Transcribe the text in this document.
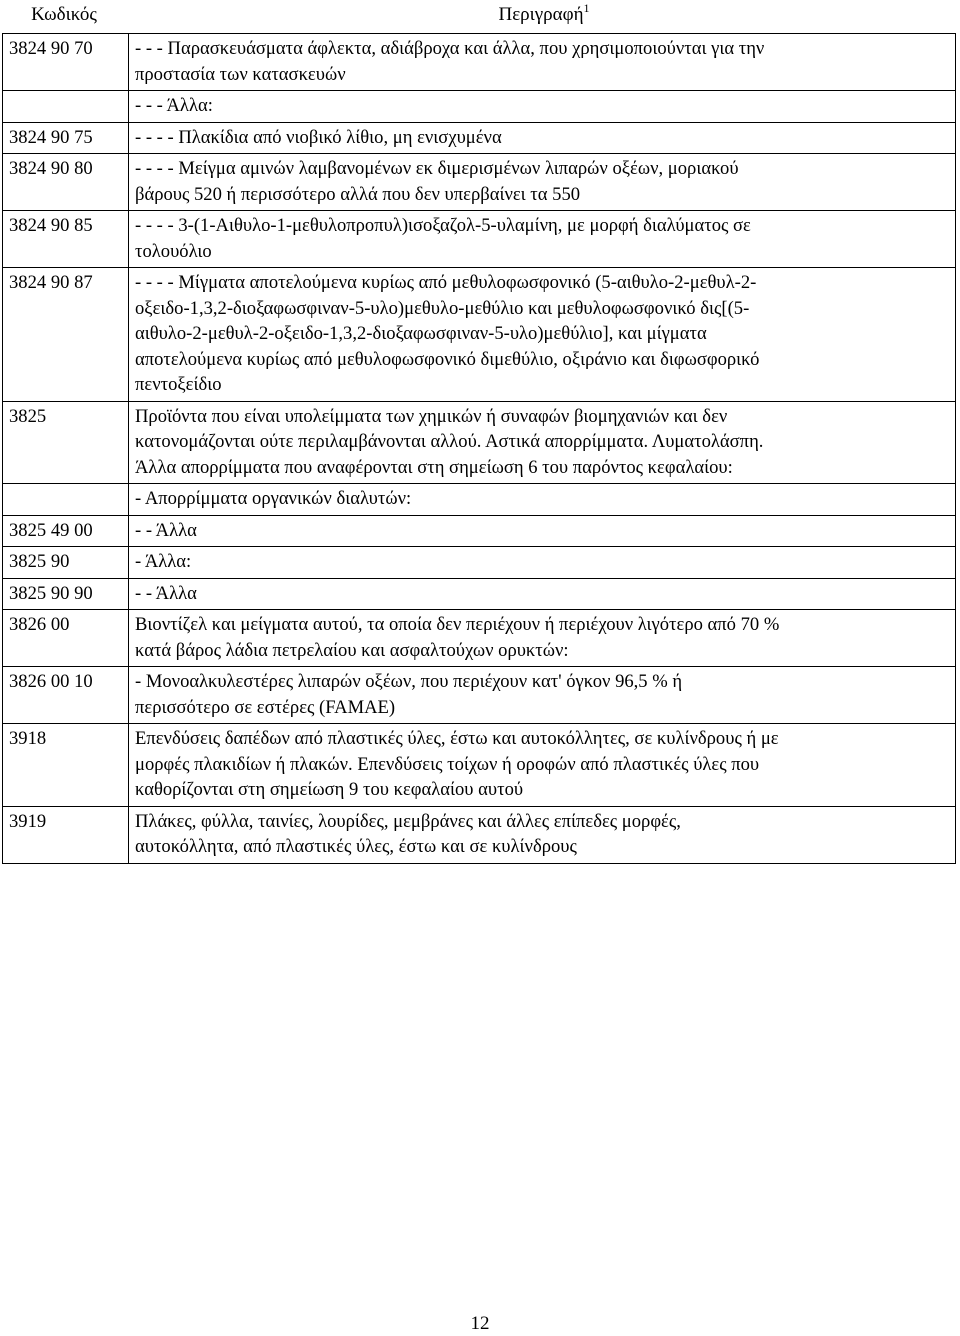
Κωδικός	Περιγραφή$^1$
3824 90 70	- - - Παρασκευάσματα άφλεκτα, αδιάβροχα και άλλα, που χρησιμοποιούνται για την
προστασία των κατασκευών

	- - - Άλλα:

3824 90 75	- - - - Πλακίδια από νιοβικό λίθιο, μη ενισχυμένα

3824 90 80	- - - - Μείγμα αμινών λαμβανομένων εκ διμερισμένων λιπαρών οξέων, μοριακού
βάρους 520 ή περισσότερο αλλά που δεν υπερβαίνει τα 550

3824 90 85	- - - - 3-(1-Αιθυλο-1-μεθυλοπροπυλ)ισοξαζολ-5-υλαμίνη, με μορφή διαλύματος σε
τολουόλιο

3824 90 87	- - - - Μίγματα αποτελούμενα κυρίως από μεθυλοφωσφονικό (5-αιθυλο-2-μεθυλ-2-
οξειδο-1,3,2-διοξαφωσφιναν-5-υλο)μεθυλο-μεθύλιο και μεθυλοφωσφονικό δις[(5-
αιθυλο-2-μεθυλ-2-οξειδο-1,3,2-διοξαφωσφιναν-5-υλο)μεθύλιο], και μίγματα
αποτελούμενα κυρίως από μεθυλοφωσφονικό διμεθύλιο, οξιράνιο και διφωσφορικό
πεντοξείδιο

3825	Προϊόντα που είναι υπολείμματα των χημικών ή συναφών βιομηχανιών και δεν
κατονομάζονται ούτε περιλαμβάνονται αλλού. Αστικά απορρίμματα. Λυματολάσπη.
Άλλα απορρίμματα που αναφέρονται στη σημείωση 6 του παρόντος κεφαλαίου:

	- Απορρίμματα οργανικών διαλυτών:

3825 49 00	- - Άλλα

3825 90	- Άλλα:

3825 90 90	- - Άλλα

3826 00	Βιοντίζελ και μείγματα αυτού, τα οποία δεν περιέχουν ή περιέχουν λιγότερο από 70 %
κατά βάρος λάδια πετρελαίου και ασφαλτούχων ορυκτών:

3826 00 10	- Μονοαλκυλεστέρες λιπαρών οξέων, που περιέχουν κατ' όγκον 96,5 % ή
περισσότερο σε εστέρες (FAMAE)

3918	Επενδύσεις δαπέδων από πλαστικές ύλες, έστω και αυτοκόλλητες, σε κυλίνδρους ή με
μορφές πλακιδίων ή πλακών. Επενδύσεις τοίχων ή οροφών από πλαστικές ύλες που
καθορίζονται στη σημείωση 9 του κεφαλαίου αυτού

3919	Πλάκες, φύλλα, ταινίες, λουρίδες, μεμβράνες και άλλες επίπεδες μορφές,
αυτοκόλλητα, από πλαστικές ύλες, έστω και σε κυλίνδρους
12
